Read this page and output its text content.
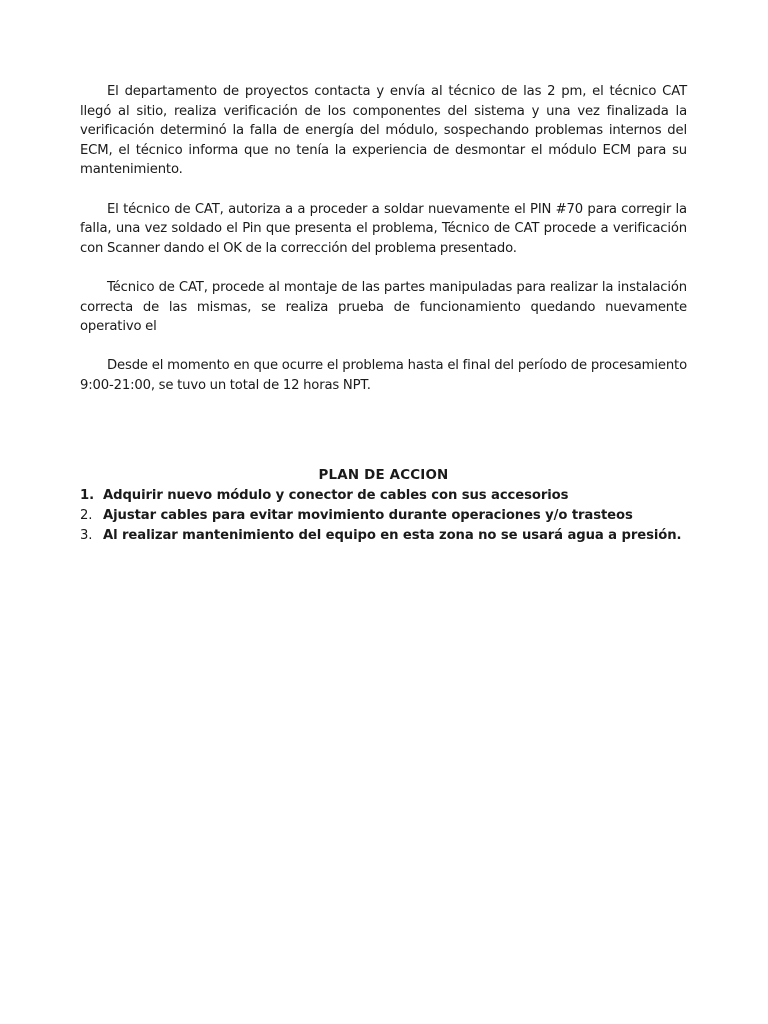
El departamento de proyectos contacta y envía al técnico de las 2 pm, el técnico CAT llegó al sitio, realiza verificación de los componentes del sistema y una vez finalizada la verificación determinó la falla de energía del módulo, sospechando problemas internos del ECM, el técnico informa que no tenía la experiencia de desmontar el módulo ECM para su mantenimiento.

El técnico de CAT, autoriza a a proceder a soldar nuevamente el PIN #70 para corregir la falla, una vez soldado el Pin que presenta el problema, Técnico de CAT procede a verificación con Scanner dando el OK de la corrección del problema presentado.

Técnico de CAT, procede al montaje de las partes manipuladas para realizar la instalación correcta de las mismas, se realiza prueba de funcionamiento quedando nuevamente operativo el

Desde el momento en que ocurre el problema hasta el final del período de procesamiento 9:00-21:00, se tuvo un total de 12 horas NPT.

PLAN DE ACCION

1. Adquirir nuevo módulo y conector de cables con sus accesorios
2. Ajustar cables para evitar movimiento durante operaciones y/o trasteos
3. Al realizar mantenimiento del equipo en esta zona no se usará agua a presión.
